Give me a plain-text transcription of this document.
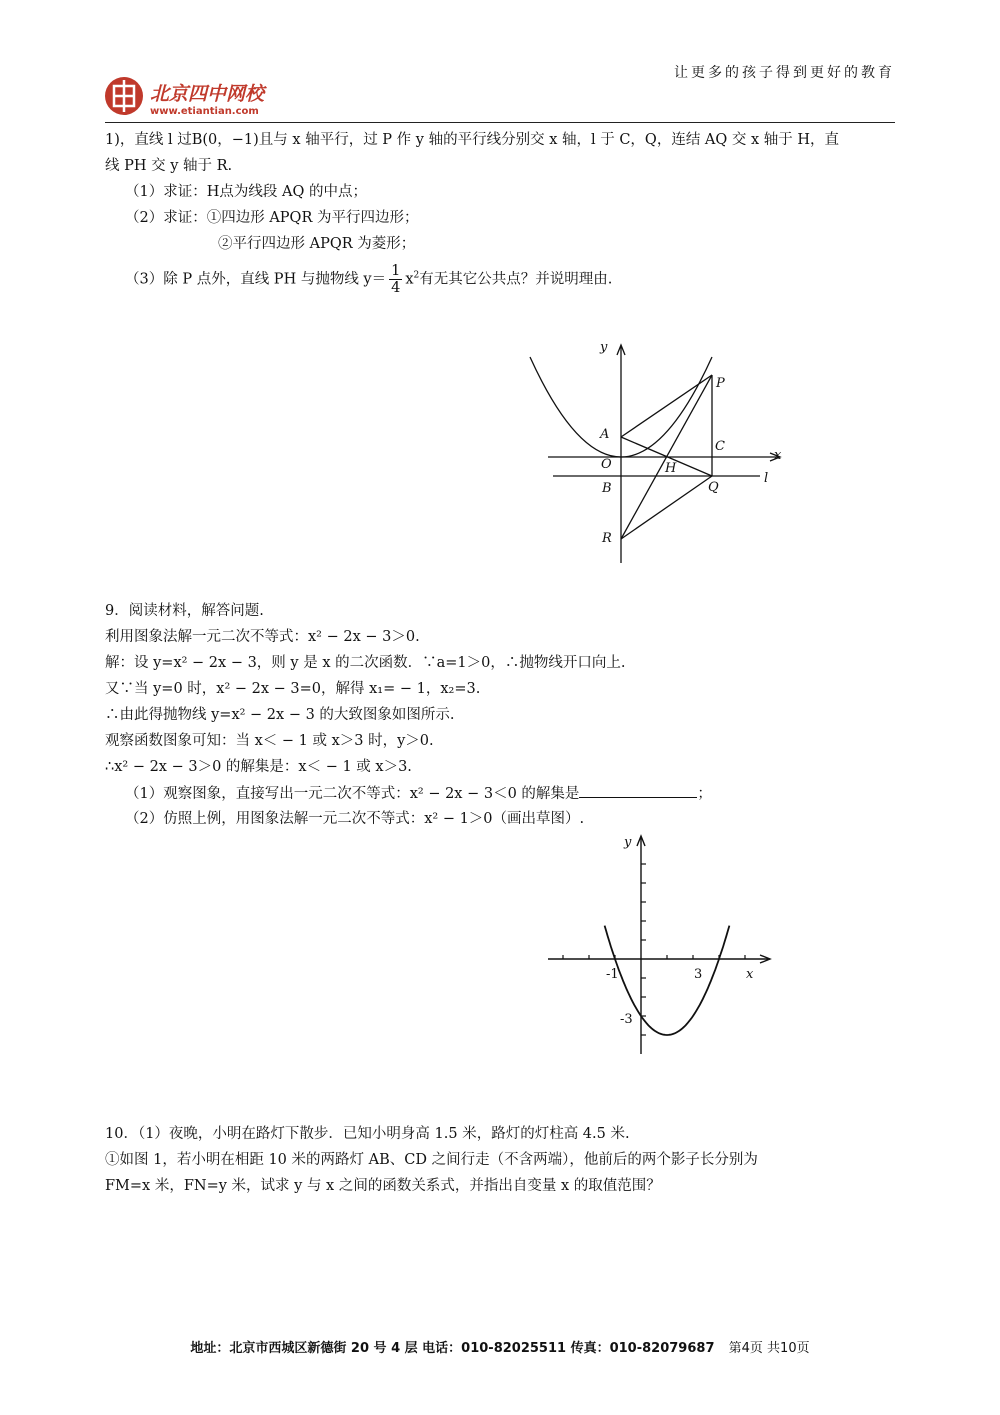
让更多的孩子得到更好的教育
北京四中网校
www.etiantian.com
1)，直线 l 过B(0，−1)且与 x 轴平行，过 P 作 y 轴的平行线分别交 x 轴，l 于 C，Q，连结 AQ 交 x 轴于 H，直
线 PH 交 y 轴于 R.
（1）求证：H点为线段 AQ 的中点；
（2）求证：①四边形 APQR 为平行四边形；
②平行四边形 APQR 为菱形；
（3）除 P 点外，直线 PH 与抛物线 $y= \frac{1}{4} x^2$有无其它公共点？并说明理由.
y
x
P
A
C
O	H
B	Q
l
R
9．阅读材料，解答问题.
利用图象法解一元二次不等式：x² − 2x − 3＞0.
解：设 y=x² − 2x − 3，则 y 是 x 的二次函数．∵a=1＞0，∴抛物线开口向上.
又∵当 y=0 时，x² − 2x − 3=0，解得 x₁= − 1，x₂=3.
∴由此得抛物线 y=x² − 2x − 3 的大致图象如图所示.
观察函数图象可知：当 x＜ − 1 或 x＞3 时，y＞0.
∴x² − 2x − 3＞0 的解集是：x＜ − 1 或 x＞3.
（1）观察图象，直接写出一元二次不等式：x² − 2x − 3＜0 的解集是	；
（2）仿照上例，用图象法解一元二次不等式：x² − 1＞0（画出草图）.
y
x
-1	3
-3
10．（1）夜晚，小明在路灯下散步．已知小明身高 1.5 米，路灯的灯柱高 4.5 米.
①如图 1，若小明在相距 10 米的两路灯 AB、CD 之间行走（不含两端），他前后的两个影子长分别为
FM=x 米，FN=y 米，试求 y 与 x 之间的函数关系式，并指出自变量 x 的取值范围？
地址：北京市西城区新德街 20 号 4 层 电话：010-82025511 传真：010-82079687 第4页 共10页
